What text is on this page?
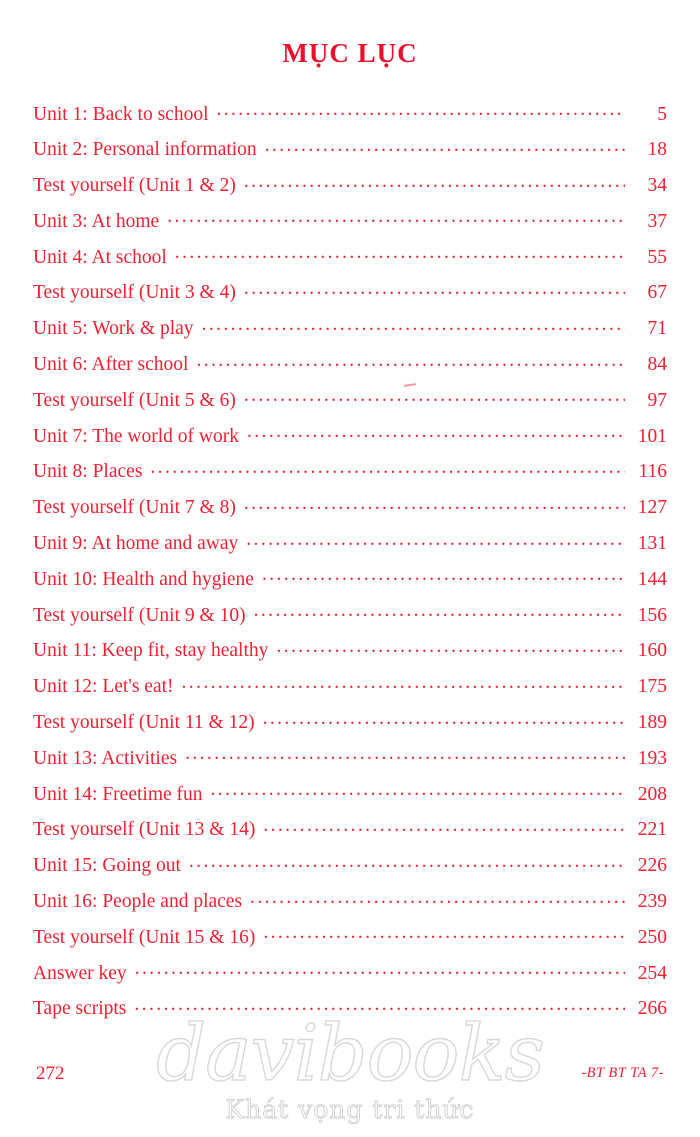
MỤC LỤC
Unit 1: Back to school .....	5
Unit 2: Personal information .....	18
Test yourself (Unit 1 & 2) .....	34
Unit 3: At home .....	37
Unit 4: At school .....	55
Test yourself (Unit 3 & 4) .....	67
Unit 5: Work & play .....	71
Unit 6: After school .....	84
Test yourself (Unit 5 & 6) .....	97
Unit 7: The world of work .....	101
Unit 8: Places .....	116
Test yourself (Unit 7 & 8) .....	127
Unit 9: At home and away .....	131
Unit 10: Health and hygiene .....	144
Test yourself (Unit 9 & 10) .....	156
Unit 11: Keep fit, stay healthy .....	160
Unit 12: Let's eat! .....	175
Test yourself (Unit 11 & 12) .....	189
Unit 13: Activities .....	193
Unit 14: Freetime fun .....	208
Test yourself (Unit 13 & 14) .....	221
Unit 15: Going out .....	226
Unit 16: People and places .....	239
Test yourself (Unit 15 & 16) .....	250
Answer key .....	254
Tape scripts .....	266
davibooks
Khát vọng tri thức
272	-BT BT TA 7-
